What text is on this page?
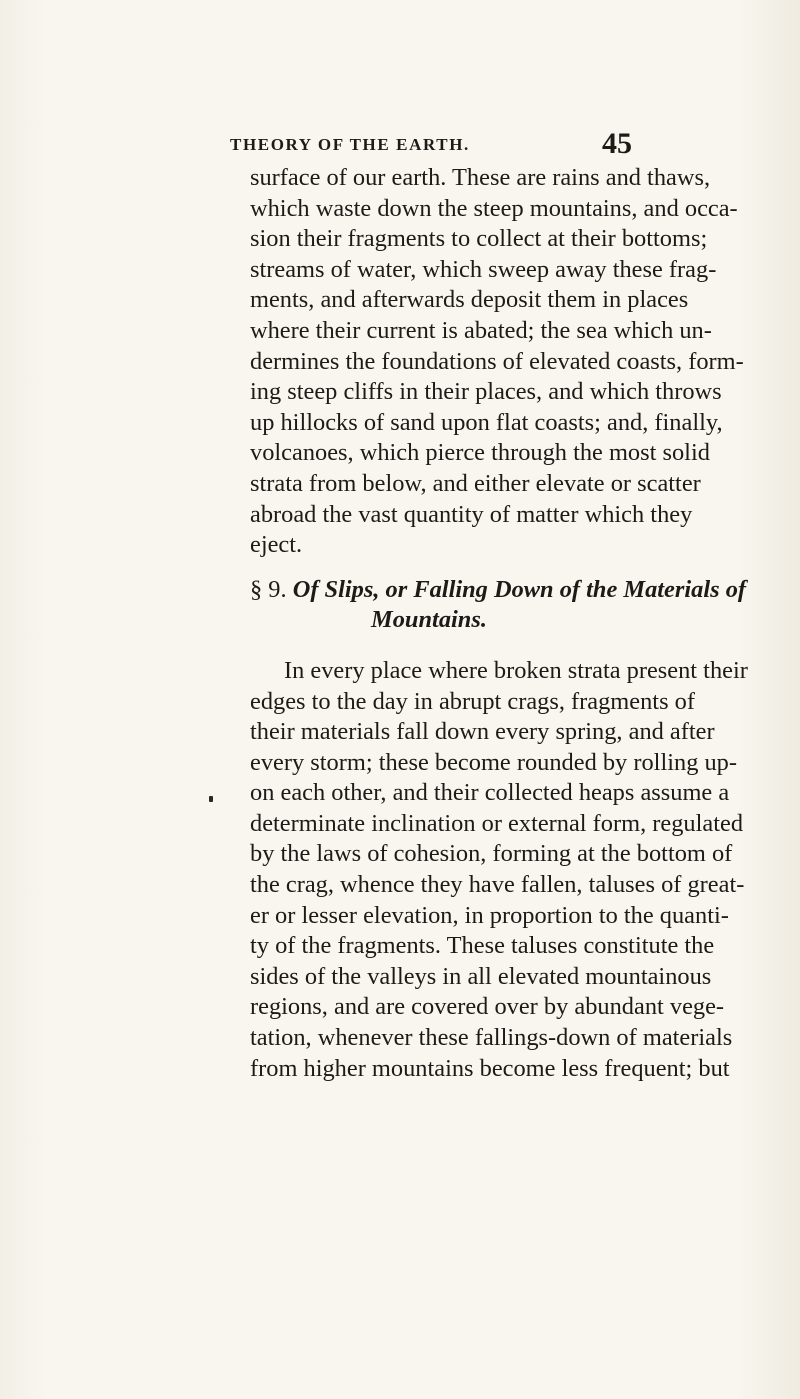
THEORY OF THE EARTH.	45
surface of our earth. These are rains and thaws,
which waste down the steep mountains, and occa-
sion their fragments to collect at their bottoms;
streams of water, which sweep away these frag-
ments, and afterwards deposit them in places
where their current is abated; the sea which un-
dermines the foundations of elevated coasts, form-
ing steep cliffs in their places, and which throws
up hillocks of sand upon flat coasts; and, finally,
volcanoes, which pierce through the most solid
strata from below, and either elevate or scatter
abroad the vast quantity of matter which they
eject.
§ 9. Of Slips, or Falling Down of the Materials of
Mountains.
In every place where broken strata present their
edges to the day in abrupt crags, fragments of
their materials fall down every spring, and after
every storm; these become rounded by rolling up-
on each other, and their collected heaps assume a
determinate inclination or external form, regulated
by the laws of cohesion, forming at the bottom of
the crag, whence they have fallen, taluses of great-
er or lesser elevation, in proportion to the quanti-
ty of the fragments. These taluses constitute the
sides of the valleys in all elevated mountainous
regions, and are covered over by abundant vege-
tation, whenever these fallings-down of materials
from higher mountains become less frequent; but
